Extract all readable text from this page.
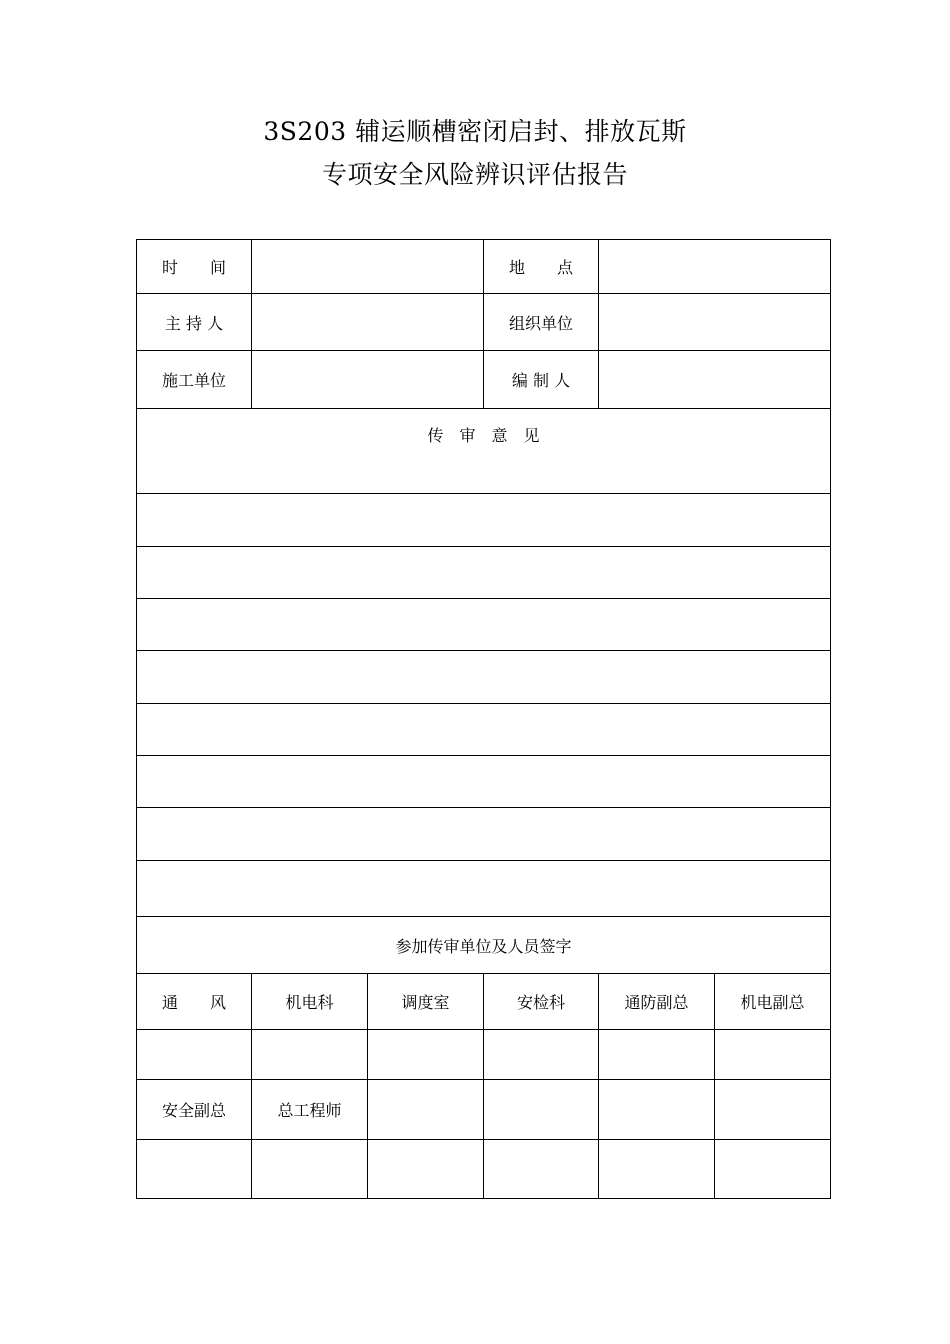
3S203 辅运顺槽密闭启封、排放瓦斯
专项安全风险辨识评估报告
时　　间			地　　点		
主 持 人			组织单位		
施工单位			编 制 人		
传　审　意　见					

参加传审单位及人员签字					
通　　风	机电科	调度室	安检科	通防副总	机电副总

安全副总	总工程师				
